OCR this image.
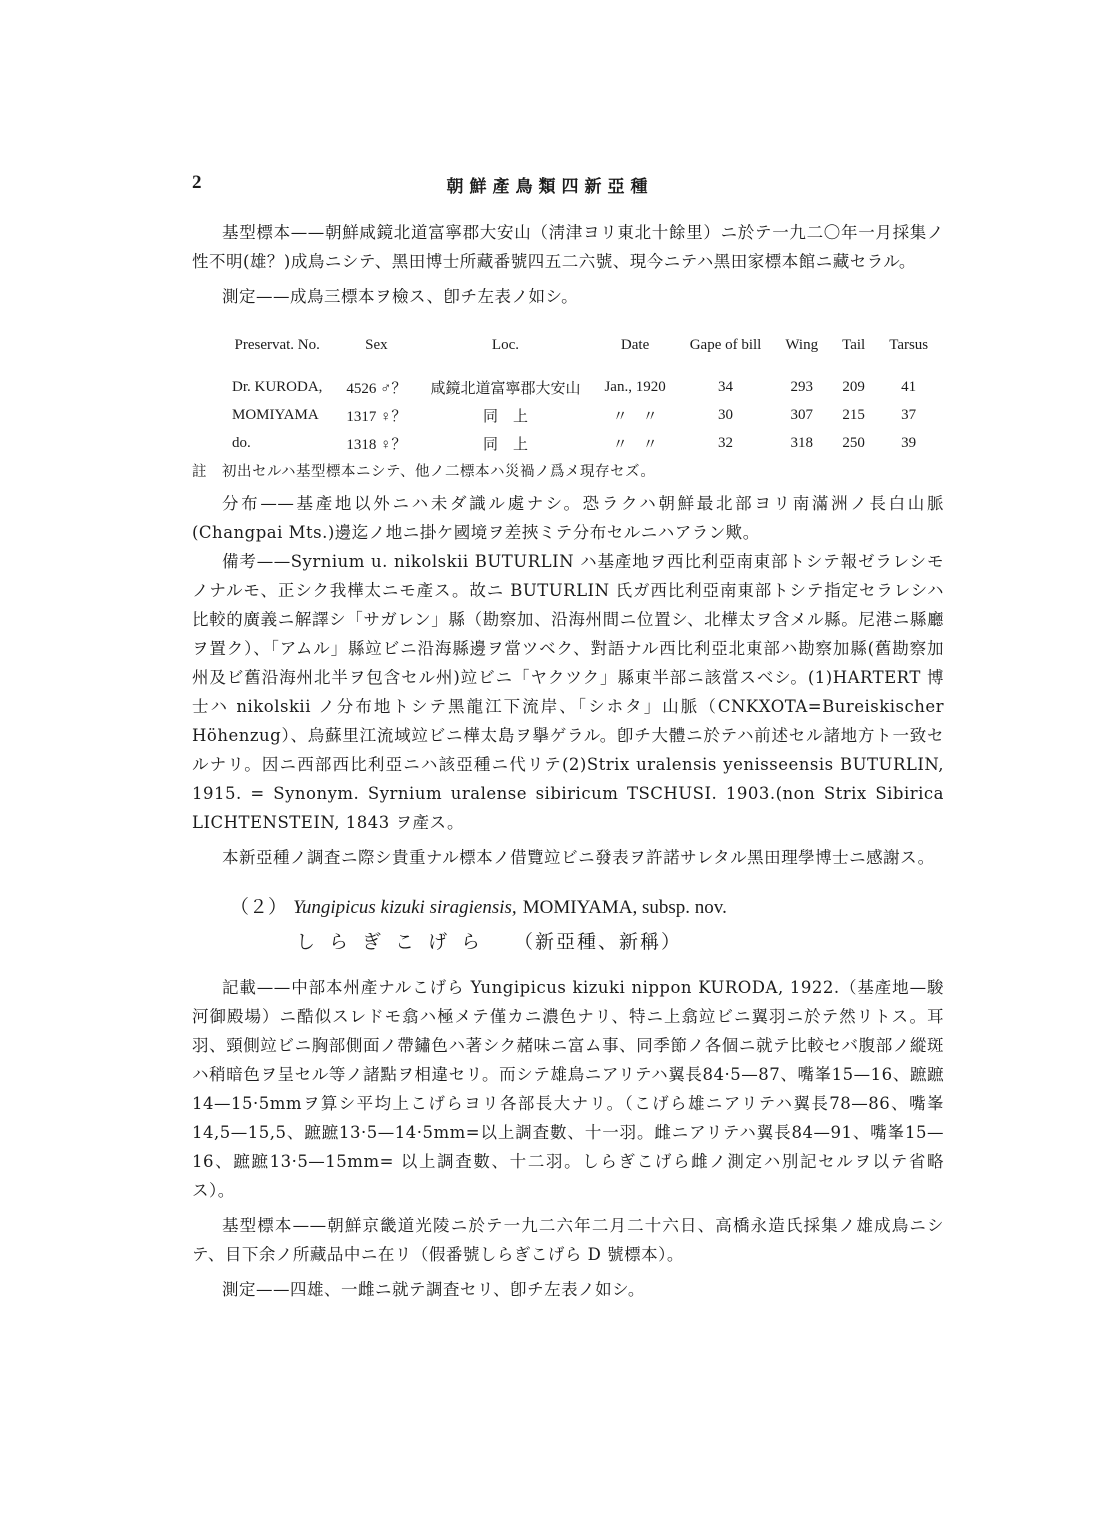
2	朝鮮產鳥類四新亞種

基型標本——朝鮮咸鏡北道富寧郡大安山（淸津ヨリ東北十餘里）ニ於テ一九二〇年一月採集ノ性不明(雄？)成鳥ニシテ、黑田博士所藏番號四五二六號、現今ニテハ黑田家標本館ニ藏セラル。

測定——成鳥三標本ヲ檢ス、卽チ左表ノ如シ。

Preservat. No.	Sex	Loc.	Date	Gape of bill	Wing	Tail	Tarsus
Dr. KURODA,	4526 ♂？	咸鏡北道富寧郡大安山	Jan., 1920	34	293	209	41
MOMIYAMA	1317 ♀？	同　上	〃　〃	30	307	215	37
do.	1318 ♀？	同　上	〃　〃	32	318	250	39

註　初出セルハ基型標本ニシテ、他ノ二標本ハ災禍ノ爲メ現存セズ。

分布——基產地以外ニハ未ダ識ル處ナシ。恐ラクハ朝鮮最北部ヨリ南滿洲ノ長白山脈(Changpai Mts.)邊迄ノ地ニ掛ケ國境ヲ差挾ミテ分布セルニハアラン歟。

備考——Syrnium u. nikolskii BUTURLIN ハ基產地ヲ西比利亞南東部トシテ報ゼラレシモノナルモ、正シク我樺太ニモ產ス。故ニ BUTURLIN 氏ガ西比利亞南東部トシテ指定セラレシハ比較的廣義ニ解譯シ「サガレン」縣（勘察加、沿海州間ニ位置シ、北樺太ヲ含メル縣。尼港ニ縣廳ヲ置ク）、「アムル」縣竝ビニ沿海縣邊ヲ當ツベク、對語ナル西比利亞北東部ハ勘察加縣(舊勘察加州及ビ舊沿海州北半ヲ包含セル州)竝ビニ「ヤクツク」縣東半部ニ該當スベシ。(1)HARTERT 博士ハ nikolskii ノ分布地トシテ黑龍江下流岸、「シホタ」山脈（CNKXOTA=Bureiskischer Höhenzug）、烏蘇里江流域竝ビニ樺太島ヲ擧ゲラル。卽チ大體ニ於テハ前述セル諸地方ト一致セルナリ。因ニ西部西比利亞ニハ該亞種ニ代リテ(2)Strix uralensis yenisseensis BUTURLIN, 1915. = Synonym. Syrnium uralense sibiricum TSCHUSI. 1903.(non Strix Sibirica LICHTENSTEIN, 1843 ヲ產ス。

本新亞種ノ調査ニ際シ貴重ナル標本ノ借覽竝ビニ發表ヲ許諾サレタル黑田理學博士ニ感謝ス。

（２） Yungipicus kizuki siragiensis, MOMIYAMA, subsp. nov.
しらぎこげら （新亞種、新稱）

記載——中部本州產ナルこげら Yungipicus kizuki nippon KURODA, 1922.（基產地—駿河御殿場）ニ酷似スレドモ翕ハ極メテ僅カニ濃色ナリ、特ニ上翕竝ビニ翼羽ニ於テ然リトス。耳羽、頸側竝ビニ胸部側面ノ帶鏽色ハ著シク赭味ニ富ム事、同季節ノ各個ニ就テ比較セバ腹部ノ縱斑ハ稍暗色ヲ呈セル等ノ諸點ヲ相違セリ。而シテ雄鳥ニアリテハ翼長84·5—87、嘴峯15—16、蹠蹠14—15·5mmヲ算シ平均上こげらヨリ各部長大ナリ。（こげら雄ニアリテハ翼長78—86、嘴峯14,5—15,5、蹠蹠13·5—14·5mm=以上調査數、十一羽。雌ニアリテハ翼長84—91、嘴峯15—16、蹠蹠13·5—15mm= 以上調査數、十二羽。しらぎこげら雌ノ測定ハ別記セルヲ以テ省略ス）。

基型標本——朝鮮京畿道光陵ニ於テ一九二六年二月二十六日、高橋永造氏採集ノ雄成鳥ニシテ、目下余ノ所藏品中ニ在リ（假番號しらぎこげら D 號標本）。

測定——四雄、一雌ニ就テ調査セリ、卽チ左表ノ如シ。
